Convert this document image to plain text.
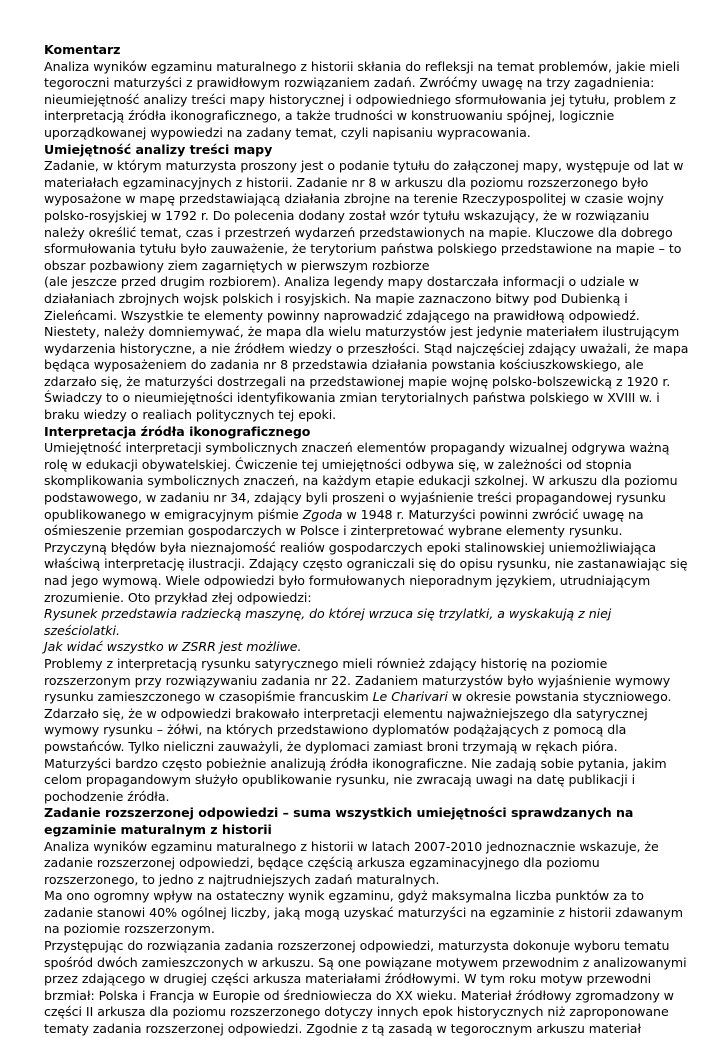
Komentarz
Analiza wyników egzaminu maturalnego z historii skłania do refleksji na temat problemów, jakie mieli
tegoroczni maturzyści z prawidłowym rozwiązaniem zadań. Zwróćmy uwagę na trzy zagadnienia:
nieumiejętność analizy treści mapy historycznej i odpowiedniego sformułowania jej tytułu, problem z
interpretacją źródła ikonograficznego, a także trudności w konstruowaniu spójnej, logicznie
uporządkowanej wypowiedzi na zadany temat, czyli napisaniu wypracowania.
Umiejętność analizy treści mapy
Zadanie, w którym maturzysta proszony jest o podanie tytułu do załączonej mapy, występuje od lat w
materiałach egzaminacyjnych z historii. Zadanie nr 8 w arkuszu dla poziomu rozszerzonego było
wyposażone w mapę przedstawiającą działania zbrojne na terenie Rzeczypospolitej w czasie wojny
polsko-rosyjskiej w 1792 r. Do polecenia dodany został wzór tytułu wskazujący, że w rozwiązaniu
należy określić temat, czas i przestrzeń wydarzeń przedstawionych na mapie. Kluczowe dla dobrego
sformułowania tytułu było zauważenie, że terytorium państwa polskiego przedstawione na mapie – to
obszar pozbawiony ziem zagarniętych w pierwszym rozbiorze
(ale jeszcze przed drugim rozbiorem). Analiza legendy mapy dostarczała informacji o udziale w
działaniach zbrojnych wojsk polskich i rosyjskich. Na mapie zaznaczono bitwy pod Dubienką i
Zieleńcami. Wszystkie te elementy powinny naprowadzić zdającego na prawidłową odpowiedź.
Niestety, należy domniemywać, że mapa dla wielu maturzystów jest jedynie materiałem ilustrującym
wydarzenia historyczne, a nie źródłem wiedzy o przeszłości. Stąd najczęściej zdający uważali, że mapa
będąca wyposażeniem do zadania nr 8 przedstawia działania powstania kościuszkowskiego, ale
zdarzało się, że maturzyści dostrzegali na przedstawionej mapie wojnę polsko-bolszewicką z 1920 r.
Świadczy to o nieumiejętności identyfikowania zmian terytorialnych państwa polskiego w XVIII w. i
braku wiedzy o realiach politycznych tej epoki.
Interpretacja źródła ikonograficznego
Umiejętność interpretacji symbolicznych znaczeń elementów propagandy wizualnej odgrywa ważną
rolę w edukacji obywatelskiej. Ćwiczenie tej umiejętności odbywa się, w zależności od stopnia
skomplikowania symbolicznych znaczeń, na każdym etapie edukacji szkolnej. W arkuszu dla poziomu
podstawowego, w zadaniu nr 34, zdający byli proszeni o wyjaśnienie treści propagandowej rysunku
opublikowanego w emigracyjnym piśmie Zgoda w 1948 r. Maturzyści powinni zwrócić uwagę na
ośmieszenie przemian gospodarczych w Polsce i zinterpretować wybrane elementy rysunku.
Przyczyną błędów była nieznajomość realiów gospodarczych epoki stalinowskiej uniemożliwiająca
właściwą interpretację ilustracji. Zdający często ograniczali się do opisu rysunku, nie zastanawiając się
nad jego wymową. Wiele odpowiedzi było formułowanych nieporadnym językiem, utrudniającym
zrozumienie. Oto przykład złej odpowiedzi:
Rysunek przedstawia radziecką maszynę, do której wrzuca się trzylatki, a wyskakują z niej
sześciolatki.
Jak widać wszystko w ZSRR jest możliwe.
Problemy z interpretacją rysunku satyrycznego mieli również zdający historię na poziomie
rozszerzonym przy rozwiązywaniu zadania nr 22. Zadaniem maturzystów było wyjaśnienie wymowy
rysunku zamieszczonego w czasopiśmie francuskim Le Charivari w okresie powstania styczniowego.
Zdarzało się, że w odpowiedzi brakowało interpretacji elementu najważniejszego dla satyrycznej
wymowy rysunku – żółwi, na których przedstawiono dyplomatów podążających z pomocą dla
powstańców. Tylko nieliczni zauważyli, że dyplomaci zamiast broni trzymają w rękach pióra.
Maturzyści bardzo często pobieżnie analizują źródła ikonograficzne. Nie zadają sobie pytania, jakim
celom propagandowym służyło opublikowanie rysunku, nie zwracają uwagi na datę publikacji i
pochodzenie źródła.
Zadanie rozszerzonej odpowiedzi – suma wszystkich umiejętności sprawdzanych na
egzaminie maturalnym z historii
Analiza wyników egzaminu maturalnego z historii w latach 2007-2010 jednoznacznie wskazuje, że
zadanie rozszerzonej odpowiedzi, będące częścią arkusza egzaminacyjnego dla poziomu
rozszerzonego, to jedno z najtrudniejszych zadań maturalnych.
Ma ono ogromny wpływ na ostateczny wynik egzaminu, gdyż maksymalna liczba punktów za to
zadanie stanowi 40% ogólnej liczby, jaką mogą uzyskać maturzyści na egzaminie z historii zdawanym
na poziomie rozszerzonym.
Przystępując do rozwiązania zadania rozszerzonej odpowiedzi, maturzysta dokonuje wyboru tematu
spośród dwóch zamieszczonych w arkuszu. Są one powiązane motywem przewodnim z analizowanymi
przez zdającego w drugiej części arkusza materiałami źródłowymi. W tym roku motyw przewodni
brzmiał: Polska i Francja w Europie od średniowiecza do XX wieku. Materiał źródłowy zgromadzony w
części II arkusza dla poziomu rozszerzonego dotyczy innych epok historycznych niż zaproponowane
tematy zadania rozszerzonej odpowiedzi. Zgodnie z tą zasadą w tegorocznym arkuszu materiał
